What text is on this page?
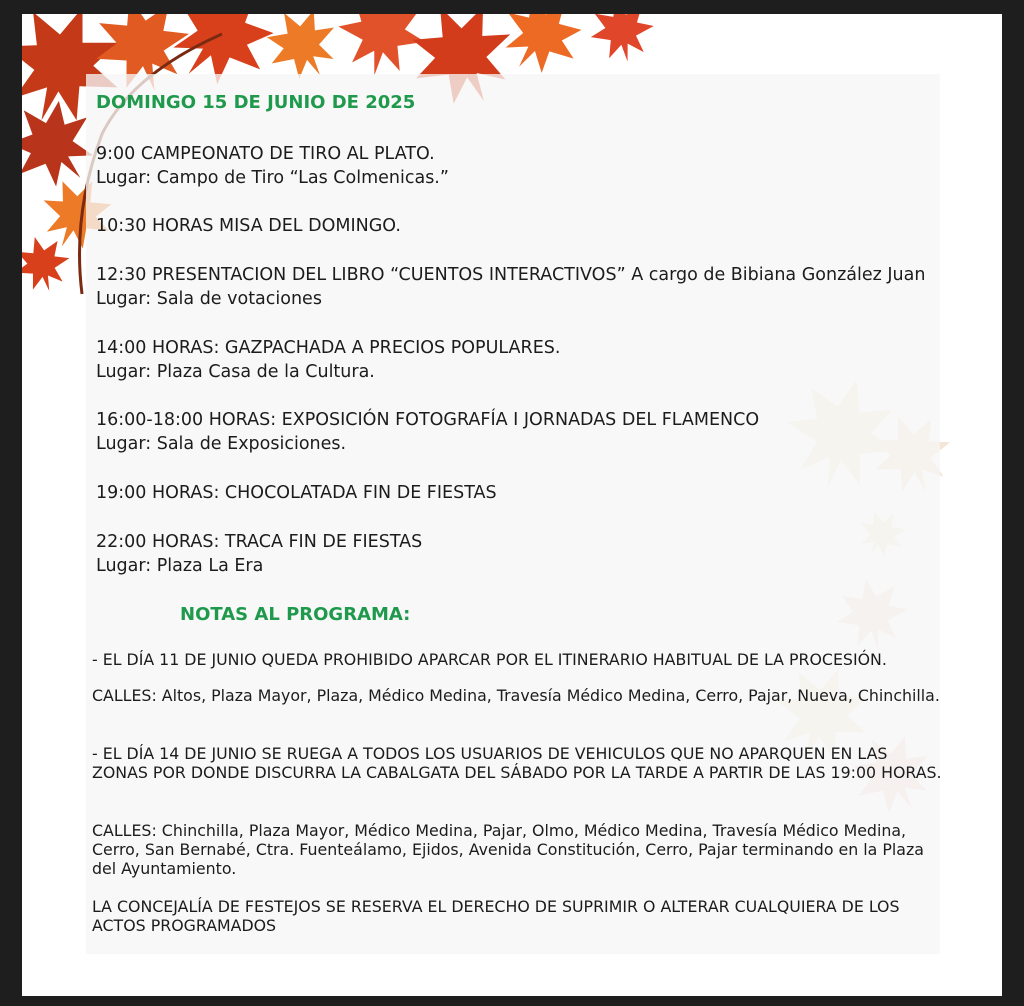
DOMINGO 15 DE JUNIO DE 2025

9:00 CAMPEONATO DE TIRO AL PLATO.
Lugar: Campo de Tiro “Las Colmenicas.”
10:30 HORAS MISA DEL DOMINGO.
12:30 PRESENTACION DEL LIBRO “CUENTOS INTERACTIVOS” A cargo de Bibiana González Juan
Lugar: Sala de votaciones
14:00 HORAS: GAZPACHADA A PRECIOS POPULARES.
Lugar: Plaza Casa de la Cultura.
16:00-18:00 HORAS: EXPOSICIÓN FOTOGRAFÍA I JORNADAS DEL FLAMENCO
Lugar: Sala de Exposiciones.
19:00 HORAS: CHOCOLATADA FIN DE FIESTAS
22:00 HORAS: TRACA FIN DE FIESTAS
Lugar: Plaza La Era

NOTAS AL PROGRAMA:

- EL DÍA 11 DE JUNIO QUEDA PROHIBIDO APARCAR POR EL ITINERARIO HABITUAL DE LA PROCESIÓN.

CALLES: Altos, Plaza Mayor, Plaza, Médico Medina, Travesía Médico Medina, Cerro, Pajar, Nueva, Chinchilla.

- EL DÍA 14 DE JUNIO SE RUEGA A TODOS LOS USUARIOS DE VEHICULOS QUE NO APARQUEN EN LAS ZONAS POR DONDE DISCURRA LA CABALGATA DEL SÁBADO POR LA TARDE A PARTIR DE LAS 19:00 HORAS.

CALLES: Chinchilla, Plaza Mayor, Médico Medina, Pajar, Olmo, Médico Medina, Travesía Médico Medina, Cerro, San Bernabé, Ctra. Fuenteálamo, Ejidos, Avenida Constitución, Cerro, Pajar terminando en la Plaza del Ayuntamiento.

LA CONCEJALÍA DE FESTEJOS SE RESERVA EL DERECHO DE SUPRIMIR O ALTERAR CUALQUIERA DE LOS ACTOS PROGRAMADOS
